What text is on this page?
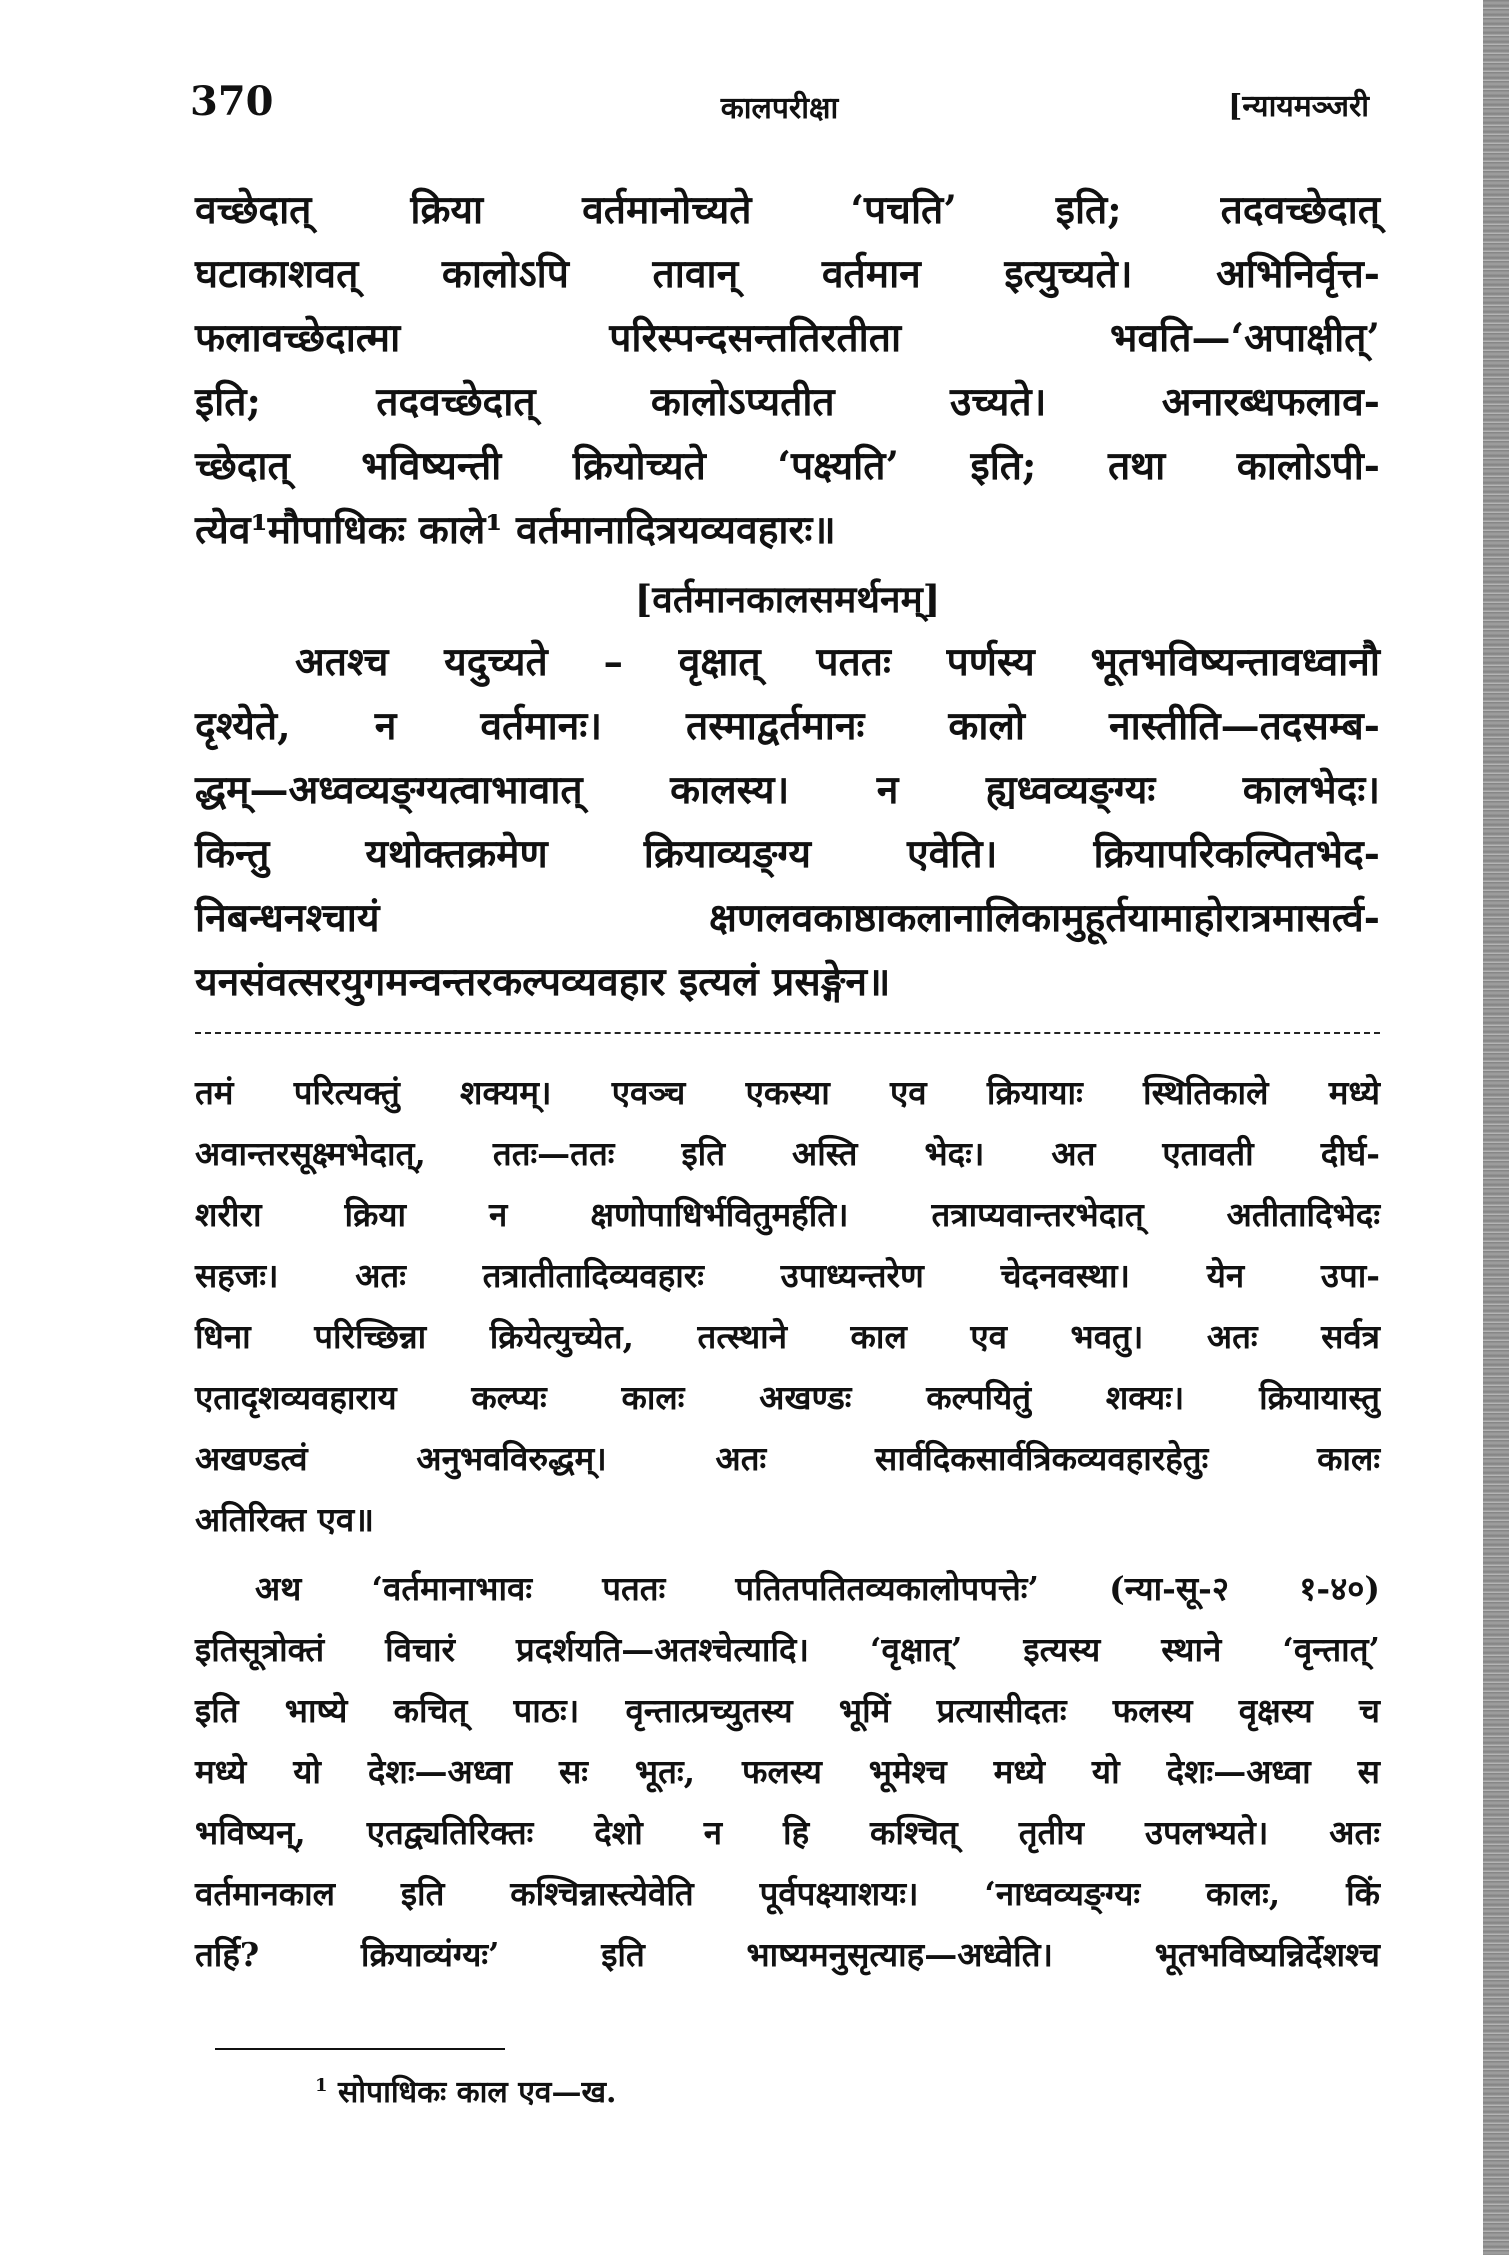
370	कालपरीक्षा	[न्यायमञ्जरी

वच्छेदात् क्रिया वर्तमानोच्यते ‘पचति’ इति; तदवच्छेदात्

घटाकाशवत् कालोऽपि तावान् वर्तमान इत्युच्यते। अभिनिर्वृत्त-

फलावच्छेदात्मा परिस्पन्दसन्ततिरतीता भवति—‘अपाक्षीत्’

इति; तदवच्छेदात् कालोऽप्यतीत उच्यते। अनारब्धफलाव-

च्छेदात् भविष्यन्ती क्रियोच्यते ‘पक्ष्यति’ इति; तथा कालोऽपी-

त्येव¹मौपाधिकः काले¹ वर्तमानादित्रयव्यवहारः॥

[वर्तमानकालसमर्थनम्]

अतश्च यदुच्यते – वृक्षात् पततः पर्णस्य भूतभविष्यन्तावध्वानौ

दृश्येते, न वर्तमानः। तस्माद्वर्तमानः कालो नास्तीति—तदसम्ब-

द्धम्—अध्वव्यङ्ग्यत्वाभावात् कालस्य। न ह्यध्वव्यङ्ग्यः कालभेदः।

किन्तु यथोक्तक्रमेण क्रियाव्यङ्ग्य एवेति। क्रियापरिकल्पितभेद-

निबन्धनश्चायं क्षणलवकाष्ठाकलानालिकामुहूर्तयामाहोरात्रमासर्त्व-

यनसंवत्सरयुगमन्वन्तरकल्पव्यवहार इत्यलं प्रसङ्गेन॥

तमं परित्यक्तुं शक्यम्। एवञ्च एकस्या एव क्रियायाः स्थितिकाले मध्ये

अवान्तरसूक्ष्मभेदात्, ततः—ततः इति अस्ति भेदः। अत एतावती दीर्घ-

शरीरा क्रिया न क्षणोपाधिर्भवितुमर्हति। तत्राप्यवान्तरभेदात् अतीतादिभेदः

सहजः। अतः तत्रातीतादिव्यवहारः उपाध्यन्तरेण चेदनवस्था। येन उपा-

धिना परिच्छिन्ना क्रियेत्युच्येत, तत्स्थाने काल एव भवतु। अतः सर्वत्र

एतादृशव्यवहाराय कल्प्यः कालः अखण्डः कल्पयितुं शक्यः। क्रियायास्तु

अखण्डत्वं अनुभवविरुद्धम्। अतः सार्वदिकसार्वत्रिकव्यवहारहेतुः कालः

अतिरिक्त एव॥

अथ ‘वर्तमानाभावः पततः पतितपतितव्यकालोपपत्तेः’ (न्या-सू-२ १-४०)

इतिसूत्रोक्तं विचारं प्रदर्शयति—अतश्चेत्यादि। ‘वृक्षात्’ इत्यस्य स्थाने ‘वृन्तात्’

इति भाष्ये कचित् पाठः। वृन्तात्प्रच्युतस्य भूमिं प्रत्यासीदतः फलस्य वृक्षस्य च

मध्ये यो देशः—अध्वा सः भूतः, फलस्य भूमेश्च मध्ये यो देशः—अध्वा स

भविष्यन्, एतद्व्यतिरिक्तः देशो न हि कश्चित् तृतीय उपलभ्यते। अतः

वर्तमानकाल इति कश्चिन्नास्त्येवेति पूर्वपक्ष्याशयः। ‘नाध्वव्यङ्ग्यः कालः, किं

तर्हि? क्रियाव्यंग्यः’ इति भाष्यमनुसृत्याह—अध्वेति। भूतभविष्यन्निर्देशश्च

$^1$ सोपाधिकः काल एव—ख.
